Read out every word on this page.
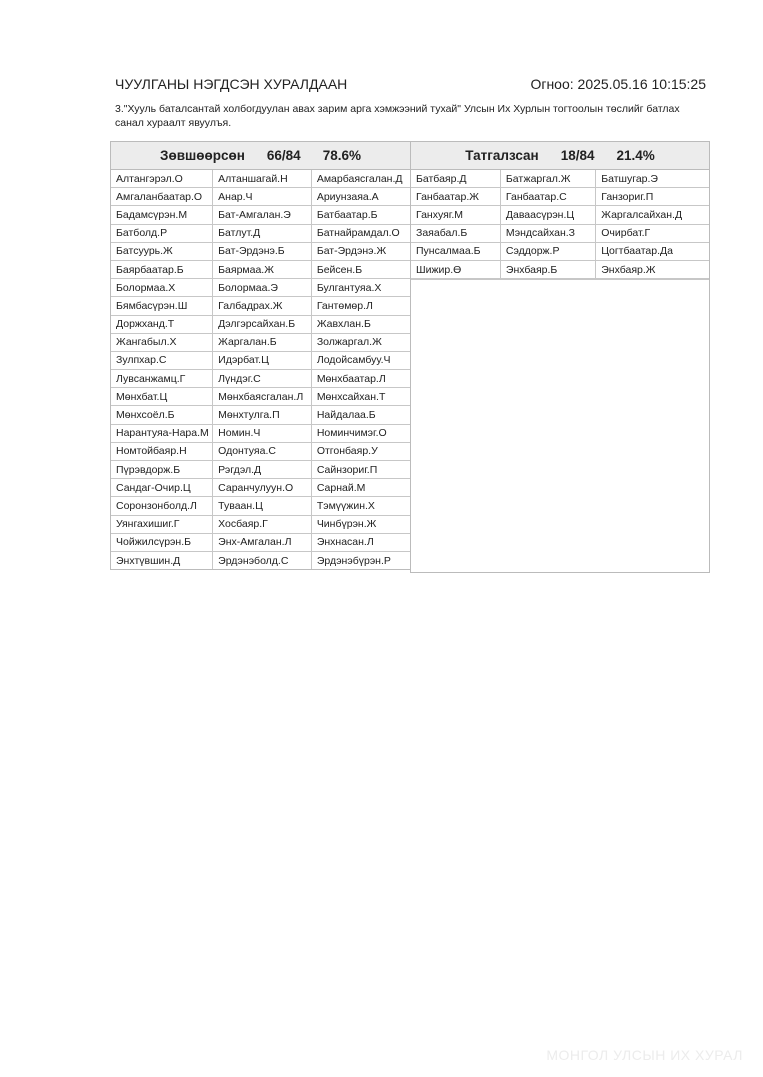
ЧУУЛГАНЫ НЭГДСЭН ХУРАЛДААН	Огноо: 2025.05.16 10:15:25
3."Хууль баталсантай холбогдуулан авах зарим арга хэмжээний тухай" Улсын Их Хурлын тогтоолын төслийг батлах санал хураалт явуулъя.
Зөвшөөрсөн 66/84 78.6%
Алтангэрэл.О	Алтаншагай.Н	Амарбаясгалан.Д
Амгаланбаатар.О	Анар.Ч	Ариунзаяа.А
Бадамсүрэн.М	Бат-Амгалан.Э	Батбаатар.Б
Батболд.Р	Батлут.Д	Батнайрамдал.О
Батсуурь.Ж	Бат-Эрдэнэ.Б	Бат-Эрдэнэ.Ж
Баярбаатар.Б	Баярмаа.Ж	Бейсен.Б
Болормаа.Х	Болормаа.Э	Булгантуяа.Х
Бямбасүрэн.Ш	Галбадрах.Ж	Гантөмөр.Л
Доржханд.Т	Дэлгэрсайхан.Б	Жавхлан.Б
Жангабыл.Х	Жаргалан.Б	Золжаргал.Ж
Зулпхар.С	Идэрбат.Ц	Лодойсамбуу.Ч
Лувсанжамц.Г	Лүндэг.С	Мөнхбаатар.Л
Мөнхбат.Ц	Мөнхбаясгалан.Л	Мөнхсайхан.Т
Мөнхсоёл.Б	Мөнхтулга.П	Найдалаа.Б
Нарантуяа-Нара.М	Номин.Ч	Номинчимэг.О
Номтойбаяр.Н	Одонтуяа.С	Отгонбаяр.У
Пүрэвдорж.Б	Рэгдэл.Д	Сайнзориг.П
Сандаг-Очир.Ц	Саранчулуун.О	Сарнай.М
Соронзонболд.Л	Туваан.Ц	Тэмүүжин.Х
Уянгахишиг.Г	Хосбаяр.Г	Чинбүрэн.Ж
Чойжилсүрэн.Б	Энх-Амгалан.Л	Энхнасан.Л
Энхтүвшин.Д	Эрдэнэболд.С	Эрдэнэбүрэн.Р
Татгалзсан 18/84 21.4%
Батбаяр.Д	Батжаргал.Ж	Батшугар.Э
Ганбаатар.Ж	Ганбаатар.С	Ганзориг.П
Ганхуяг.М	Даваасүрэн.Ц	Жаргалсайхан.Д
Заяабал.Б	Мэндсайхан.З	Очирбат.Г
Пунсалмаа.Б	Сэддорж.Р	Цогтбаатар.Да
Шижир.Ө	Энхбаяр.Б	Энхбаяр.Ж
МОНГОЛ УЛСЫН ИХ ХУРАЛ
